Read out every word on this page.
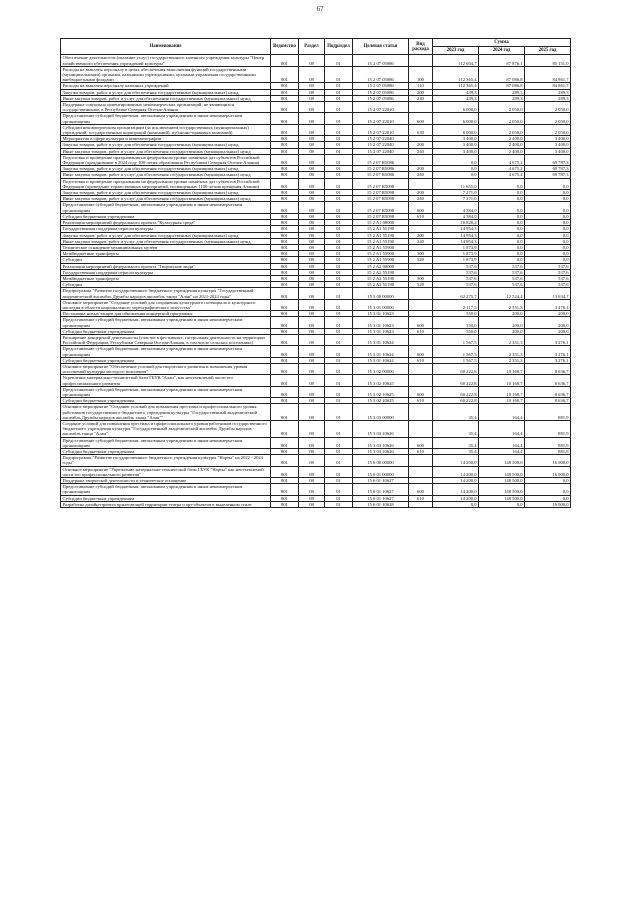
67
Наименование	Ведомство	Раздел	Подраздел	Целевая статья	Вид расхода	Сумма		
						2023 год	2024 год	2025 год
Обеспечение деятельности (оказание услуг) государственного казенного учреждения культуры "Центр хозяйственного обеспечения учреждений культуры"	801	08	01	15 2 07 05086		112 604,7	87 876,1	85 151,0
Расходы на выплаты персоналу в целях обеспечения выполнения функций государственными (муниципальными) органами, казенными учреждениями, органами управления государственными внебюджетными фондами	801	08	01	15 2 07 05086	100	112 365,4	87 086,8	84 861,7
Расходы на выплаты персоналу казенных учреждений	801	08	01	15 2 07 05086	110	112 365,4	87 086,8	84 861,7
Закупка товаров, работ и услуг для обеспечения государственных (муниципальных) нужд	801	08	01	15 2 07 05086	200	439,3	289,3	289,3
Иные закупки товаров, работ и услуг для обеспечения государственных (муниципальных) нужд	801	08	01	15 2 07 05086	240	439,3	289,3	289,3
Поддержка социально ориентированных некоммерческих организаций, не являющихся государственными, в Республике Северная Осетия-Алания	801	08	01	15 2 07 22010		6 000,0	2 050,0	2 050,0
Предоставление субсидий бюджетным, автономным учреждениям и иным некоммерческим организациям	801	08	01	15 2 07 22010	600	6 000,0	2 050,0	2 050,0
Субсидии некоммерческим организациям (за исключением государственных (муниципальных) учреждений, государственных корпораций (компаний), публично-правовых компаний)	801	08	01	15 2 07 22010	630	6 000,0	2 050,0	2 050,0
Мероприятия в сфере культуры и кинематографии	801	08	01	15 2 07 22040		3 400,0	2 400,0	3 400,0
Закупка товаров, работ и услуг для обеспечения государственных (муниципальных) нужд	801	08	01	15 2 07 22040	200	3 400,0	2 400,0	3 400,0
Иные закупки товаров, работ и услуг для обеспечения государственных (муниципальных) нужд	801	08	01	15 2 07 22040	240	3 400,0	2 400,0	3 400,0
Подготовка и проведение празднования на федеральном уровне памятных дат субъектов Российской Федерации (празднование в 2024 году 100-летия образования Республики Северная Осетия-Алания)	801	08	01	15 2 07 R5086		0,0	4 675,2	69 787,3
Закупка товаров, работ и услуг для обеспечения государственных (муниципальных) нужд	801	08	01	15 2 07 R5086	200	0,0	4 675,2	69 787,3
Иные закупки товаров, работ и услуг для обеспечения государственных (муниципальных) нужд	801	08	01	15 2 07 R5086	240	0,0	4 675,2	69 787,3
Подготовка и проведение празднования на федеральном уровне памятных дат субъектов Российской Федерации (проведение торжественных мероприятий, посвященных 1100-летию крещения Алании)	801	08	01	15 2 07 R5098		11 655,0	0,0	0,0
Закупка товаров, работ и услуг для обеспечения государственных (муниципальных) нужд	801	08	01	15 2 07 R5098	200	7 271,0	0,0	0,0
Иные закупки товаров, работ и услуг для обеспечения государственных (муниципальных) нужд	801	08	01	15 2 07 R5098	240	7 271,0	0,0	0,0
Предоставление субсидий бюджетным, автономным учреждениям и иным некоммерческим организациям	801	08	01	15 2 07 R5098	600	4 384,0	0,0	0,0
Субсидии бюджетным учреждениям	801	08	01	15 2 07 R5098	610	4 384,0	0,0	0,0
Реализация мероприятий федерального проекта "Культурная среда"	801	08	01	15 2 A1 00000		16 828,2	0,0	0,0
Государственная поддержка отрасли культуры	801	08	01	15 2 A1 55190		14 954,3	0,0	0,0
Закупка товаров, работ и услуг для обеспечения государственных (муниципальных) нужд	801	08	01	15 2 A1 55190	200	14 954,3	0,0	0,0
Иные закупки товаров, работ и услуг для обеспечения государственных (муниципальных) нужд	801	08	01	15 2 A1 55190	240	14 954,3	0,0	0,0
Техническое оснащение муниципальных музеев	801	08	01	15 2 A1 55900		1 873,9	0,0	0,0
Межбюджетные трансферты	801	08	01	15 2 A1 55900	500	1 873,9	0,0	0,0
Субсидии	801	08	01	15 2 A1 55900	520	1 873,9	0,0	0,0
Реализация мероприятий федерального проекта "Творческие люди"	801	08	01	15 2 A2 00000		537,6	537,6	537,6
Государственная поддержка отрасли культуры	801	08	01	15 2 A2 55190		537,6	537,6	537,6
Межбюджетные трансферты	801	08	01	15 2 A2 55190	500	537,6	537,6	537,6
Субсидии	801	08	01	15 2 A2 55190	520	537,6	537,6	537,6
Подпрограмма "Развитие государственного бюджетного учреждения культуры "Государственный академический ансамбль Дружбы народов ансамбль танца "Алан" на 2021-2024 годы"	801	08	01	15 3 00 00000		62 275,7	12 524,4	13 634,7
Основное мероприятие "Создание условий для сохранения культурного потенциала и культурного наследия в области национального хореографического искусства"	801	08	01	15 3 01 00000		2 117,5	2 551,3	3 476,1
Постановка новых танцев для обновления концертной программы	801	08	01	15 3 01 10623		550,0	200,0	200,0
Предоставление субсидий бюджетным, автономным учреждениям и иным некоммерческим организациям	801	08	01	15 3 01 10623	600	550,0	200,0	200,0
Субсидии бюджетным учреждениям	801	08	01	15 3 01 10623	610	550,0	200,0	200,0
Расширение концертной деятельности (участие в фестивалях, гастрольная деятельность на территории Российской Федерации, Республики Северная Осетия-Алания, в том числе сельских поселениях)	801	08	01	15 3 01 10624		1 567,5	2 351,3	3 276,1
Предоставление субсидий бюджетным, автономным учреждениям и иным некоммерческим организациям	801	08	01	15 3 01 10624	600	1 567,5	2 351,3	3 276,1
Субсидии бюджетным учреждениям	801	08	01	15 3 01 10624	610	1 567,5	2 351,3	3 276,1
Основное мероприятие "Обеспечение условий для творческого развития и повышения уровня исполнений культуры молодого поколения"	801	08	01	15 3 02 00000		60 222,8	10 168,7	8 636,7
Укрепление материально-технической базы ГБУК "Алан", как неотъемлемой части его профессионального развития	801	08	01	15 3 02 10625		60 222,8	10 168,7	8 636,7
Предоставление субсидий бюджетным, автономным учреждениям и иным некоммерческим организациям	801	08	01	15 3 02 10625	600	60 222,8	10 168,7	8 636,7
Субсидии бюджетным учреждениям	801	08	01	15 3 02 10625	610	60 222,8	10 168,7	8 636,7
Основное мероприятие "Создание условий для повышения престижа и профессионального уровня работников государственного бюджетного учреждения культуры "Государственный академический ансамбль Дружбы народов ансамбль танца "Алан""	801	08	01	15 3 03 00000		35,4	164,4	881,9
Создание условий для повышения престижа и профессионального уровня работников государственного бюджетного учреждения культуры "Государственный академический ансамбль Дружбы народов ансамбль танца "Алан"	801	08	01	15 3 03 10626		35,4	164,4	881,9
Предоставление субсидий бюджетным, автономным учреждениям и иным некоммерческим организациям	801	08	01	15 3 03 10626	600	35,4	164,4	881,9
Субсидии бюджетным учреждениям	801	08	01	15 3 03 10626	610	35,4	164,4	881,9
Подпрограмма "Развитие государственного бюджетного учреждения культуры "Нарты" на 2022 - 2024 годы"	801	08	01	15 6 00 00000		14 200,0	148 500,0	16 000,0
Основное мероприятие "Укрепление материально-технической базы ГБУК "Нарты" как неотъемлемой части его профессионального развития"	801	08	01	15 6 01 00000		14 200,0	148 500,0	16 000,0
Поддержка творческой деятельности и техническое оснащение	801	08	01	15 6 01 10627		14 200,0	148 500,0	0,0
Предоставление субсидий бюджетным, автономным учреждениям и иным некоммерческим организациям	801	08	01	15 6 01 10627	600	14 200,0	148 500,0	0,0
Субсидии бюджетным учреждениям	801	08	01	15 6 01 10627	610	14 200,0	148 500,0	0,0
Разработка дизайн-проекта прилегающей территории театра и арт-объектов в выделенном стиле	801	08	01	15 6 01 10628		0,0	0,0	16 000,0
